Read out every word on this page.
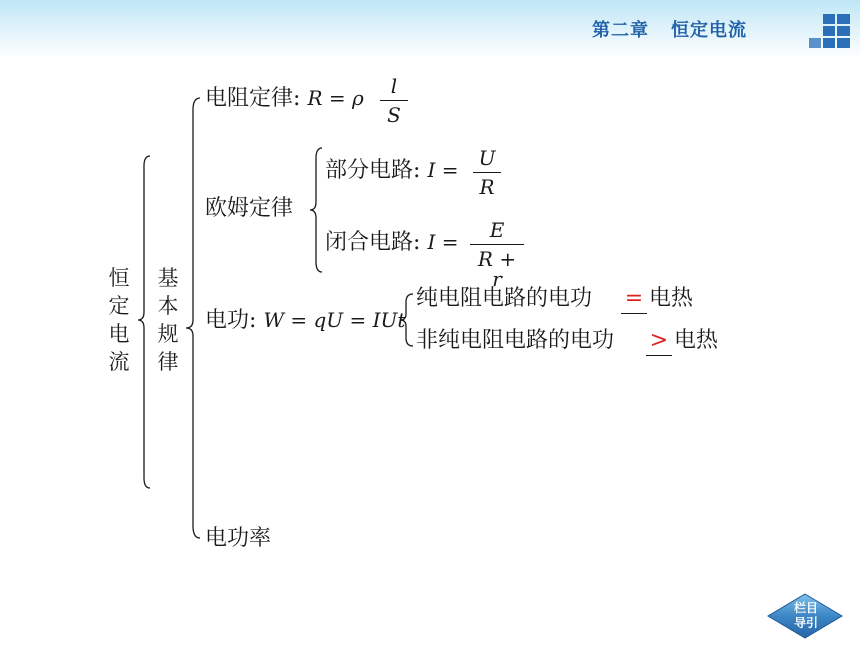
第二章 恒定电流
恒定电流
基本规律
电阻定律: R = ρ	l
S
欧姆定律
部分电路: I = U
R
闭合电路: I =	E
R + r
电功: W = qU = IUt
纯电阻电路的电功 = 电热
非纯电阻电路的电功 > 电热
电功率
栏目
导引
